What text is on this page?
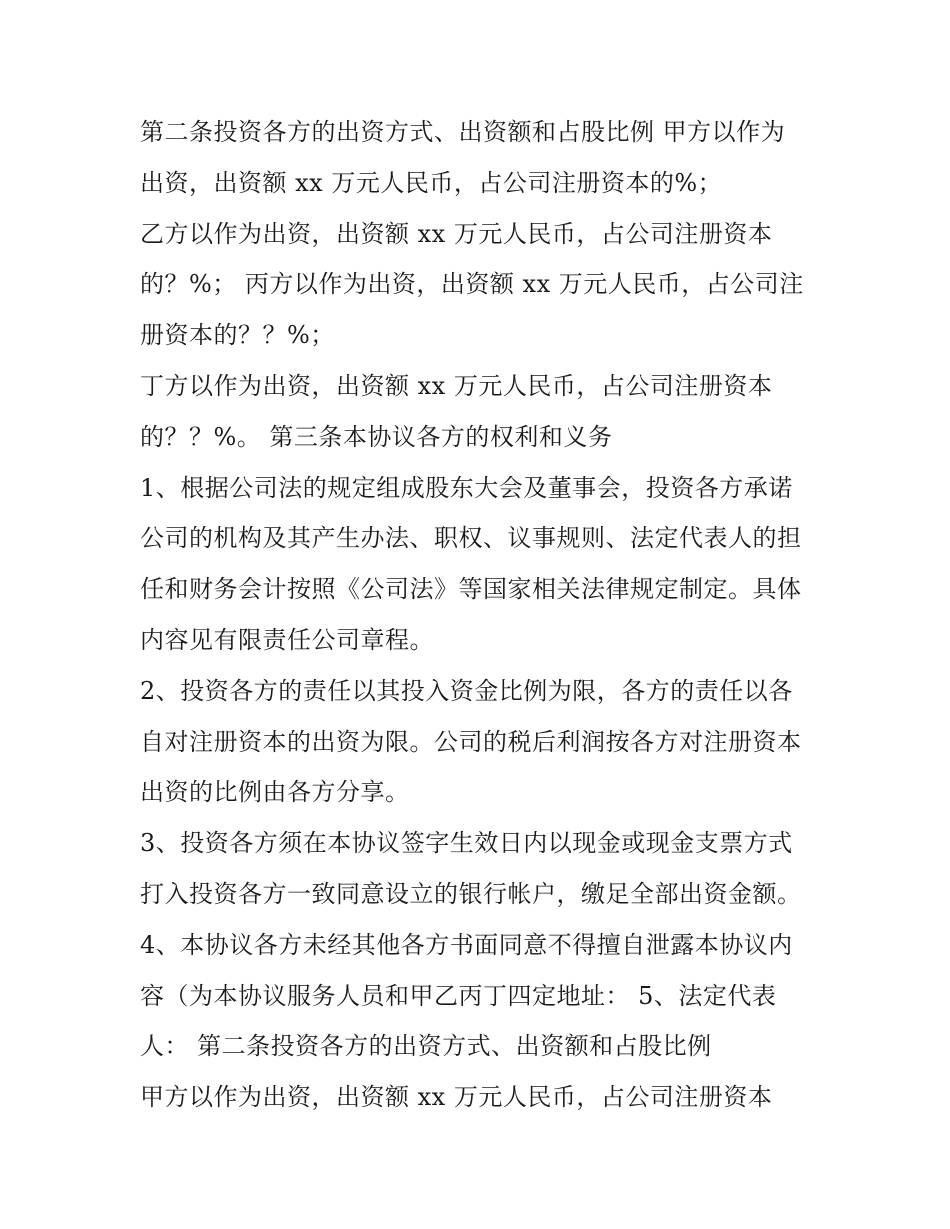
第二条投资各方的出资方式、出资额和占股比例 甲方以作为
出资，出资额 xx 万元人民币，占公司注册资本的%；
乙方以作为出资，出资额 xx 万元人民币，占公司注册资本
的？%； 丙方以作为出资，出资额 xx 万元人民币，占公司注
册资本的？？%；
丁方以作为出资，出资额 xx 万元人民币，占公司注册资本
的？？%。 第三条本协议各方的权利和义务
1、根据公司法的规定组成股东大会及董事会，投资各方承诺
公司的机构及其产生办法、职权、议事规则、法定代表人的担
任和财务会计按照《公司法》等国家相关法律规定制定。具体
内容见有限责任公司章程。
2、投资各方的责任以其投入资金比例为限，各方的责任以各
自对注册资本的出资为限。公司的税后利润按各方对注册资本
出资的比例由各方分享。
3、投资各方须在本协议签字生效日内以现金或现金支票方式
打入投资各方一致同意设立的银行帐户，缴足全部出资金额。
4、本协议各方未经其他各方书面同意不得擅自泄露本协议内
容（为本协议服务人员和甲乙丙丁四定地址： 5、法定代表
人： 第二条投资各方的出资方式、出资额和占股比例
甲方以作为出资，出资额 xx 万元人民币，占公司注册资本
